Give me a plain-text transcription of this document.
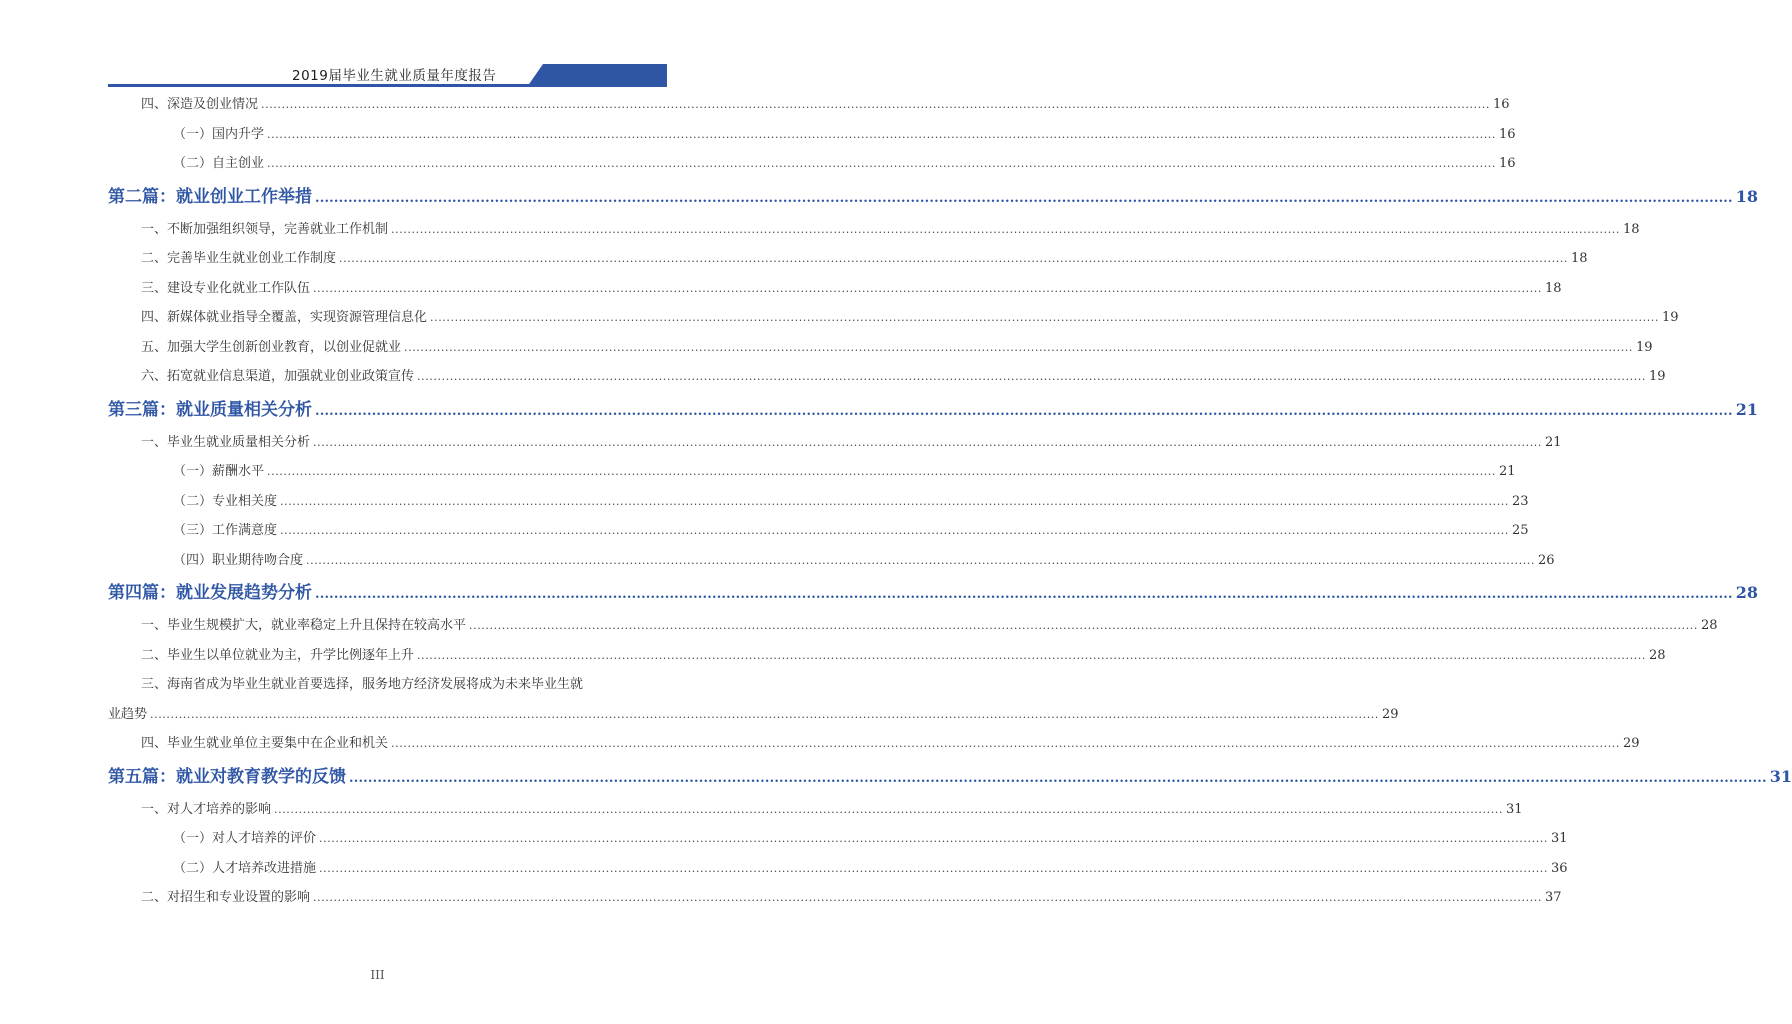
2019届毕业生就业质量年度报告
四、深造及创业情况 ............................................................................................................................................................................................................................................................................................................ 16
（一）国内升学 ............................................................................................................................................................................................................................................................................................................ 16
（二）自主创业 ............................................................................................................................................................................................................................................................................................................ 16
第二篇：就业创业工作举措 ............................................................................................................................................................................................................................................................................................................ 18
一、不断加强组织领导，完善就业工作机制 ............................................................................................................................................................................................................................................................................................................ 18
二、完善毕业生就业创业工作制度 ............................................................................................................................................................................................................................................................................................................ 18
三、建设专业化就业工作队伍 ............................................................................................................................................................................................................................................................................................................ 18
四、新媒体就业指导全覆盖，实现资源管理信息化 ............................................................................................................................................................................................................................................................................................................ 19
五、加强大学生创新创业教育，以创业促就业 ............................................................................................................................................................................................................................................................................................................ 19
六、拓宽就业信息渠道，加强就业创业政策宣传 ............................................................................................................................................................................................................................................................................................................ 19
第三篇：就业质量相关分析 ............................................................................................................................................................................................................................................................................................................ 21
一、毕业生就业质量相关分析 ............................................................................................................................................................................................................................................................................................................ 21
（一）薪酬水平 ............................................................................................................................................................................................................................................................................................................ 21
（二）专业相关度 ............................................................................................................................................................................................................................................................................................................ 23
（三）工作满意度 ............................................................................................................................................................................................................................................................................................................ 25
（四）职业期待吻合度 ............................................................................................................................................................................................................................................................................................................ 26
第四篇：就业发展趋势分析 ............................................................................................................................................................................................................................................................................................................ 28
一、毕业生规模扩大，就业率稳定上升且保持在较高水平 ............................................................................................................................................................................................................................................................................................................ 28
二、毕业生以单位就业为主，升学比例逐年上升 ............................................................................................................................................................................................................................................................................................................ 28
三、海南省成为毕业生就业首要选择，服务地方经济发展将成为未来毕业生就
业趋势 ............................................................................................................................................................................................................................................................................................................ 29
四、毕业生就业单位主要集中在企业和机关 ............................................................................................................................................................................................................................................................................................................ 29
第五篇：就业对教育教学的反馈 ............................................................................................................................................................................................................................................................................................................ 31
一、对人才培养的影响 ............................................................................................................................................................................................................................................................................................................ 31
（一）对人才培养的评价 ............................................................................................................................................................................................................................................................................................................ 31
（二）人才培养改进措施 ............................................................................................................................................................................................................................................................................................................ 36
二、对招生和专业设置的影响 ............................................................................................................................................................................................................................................................................................................ 37
III
